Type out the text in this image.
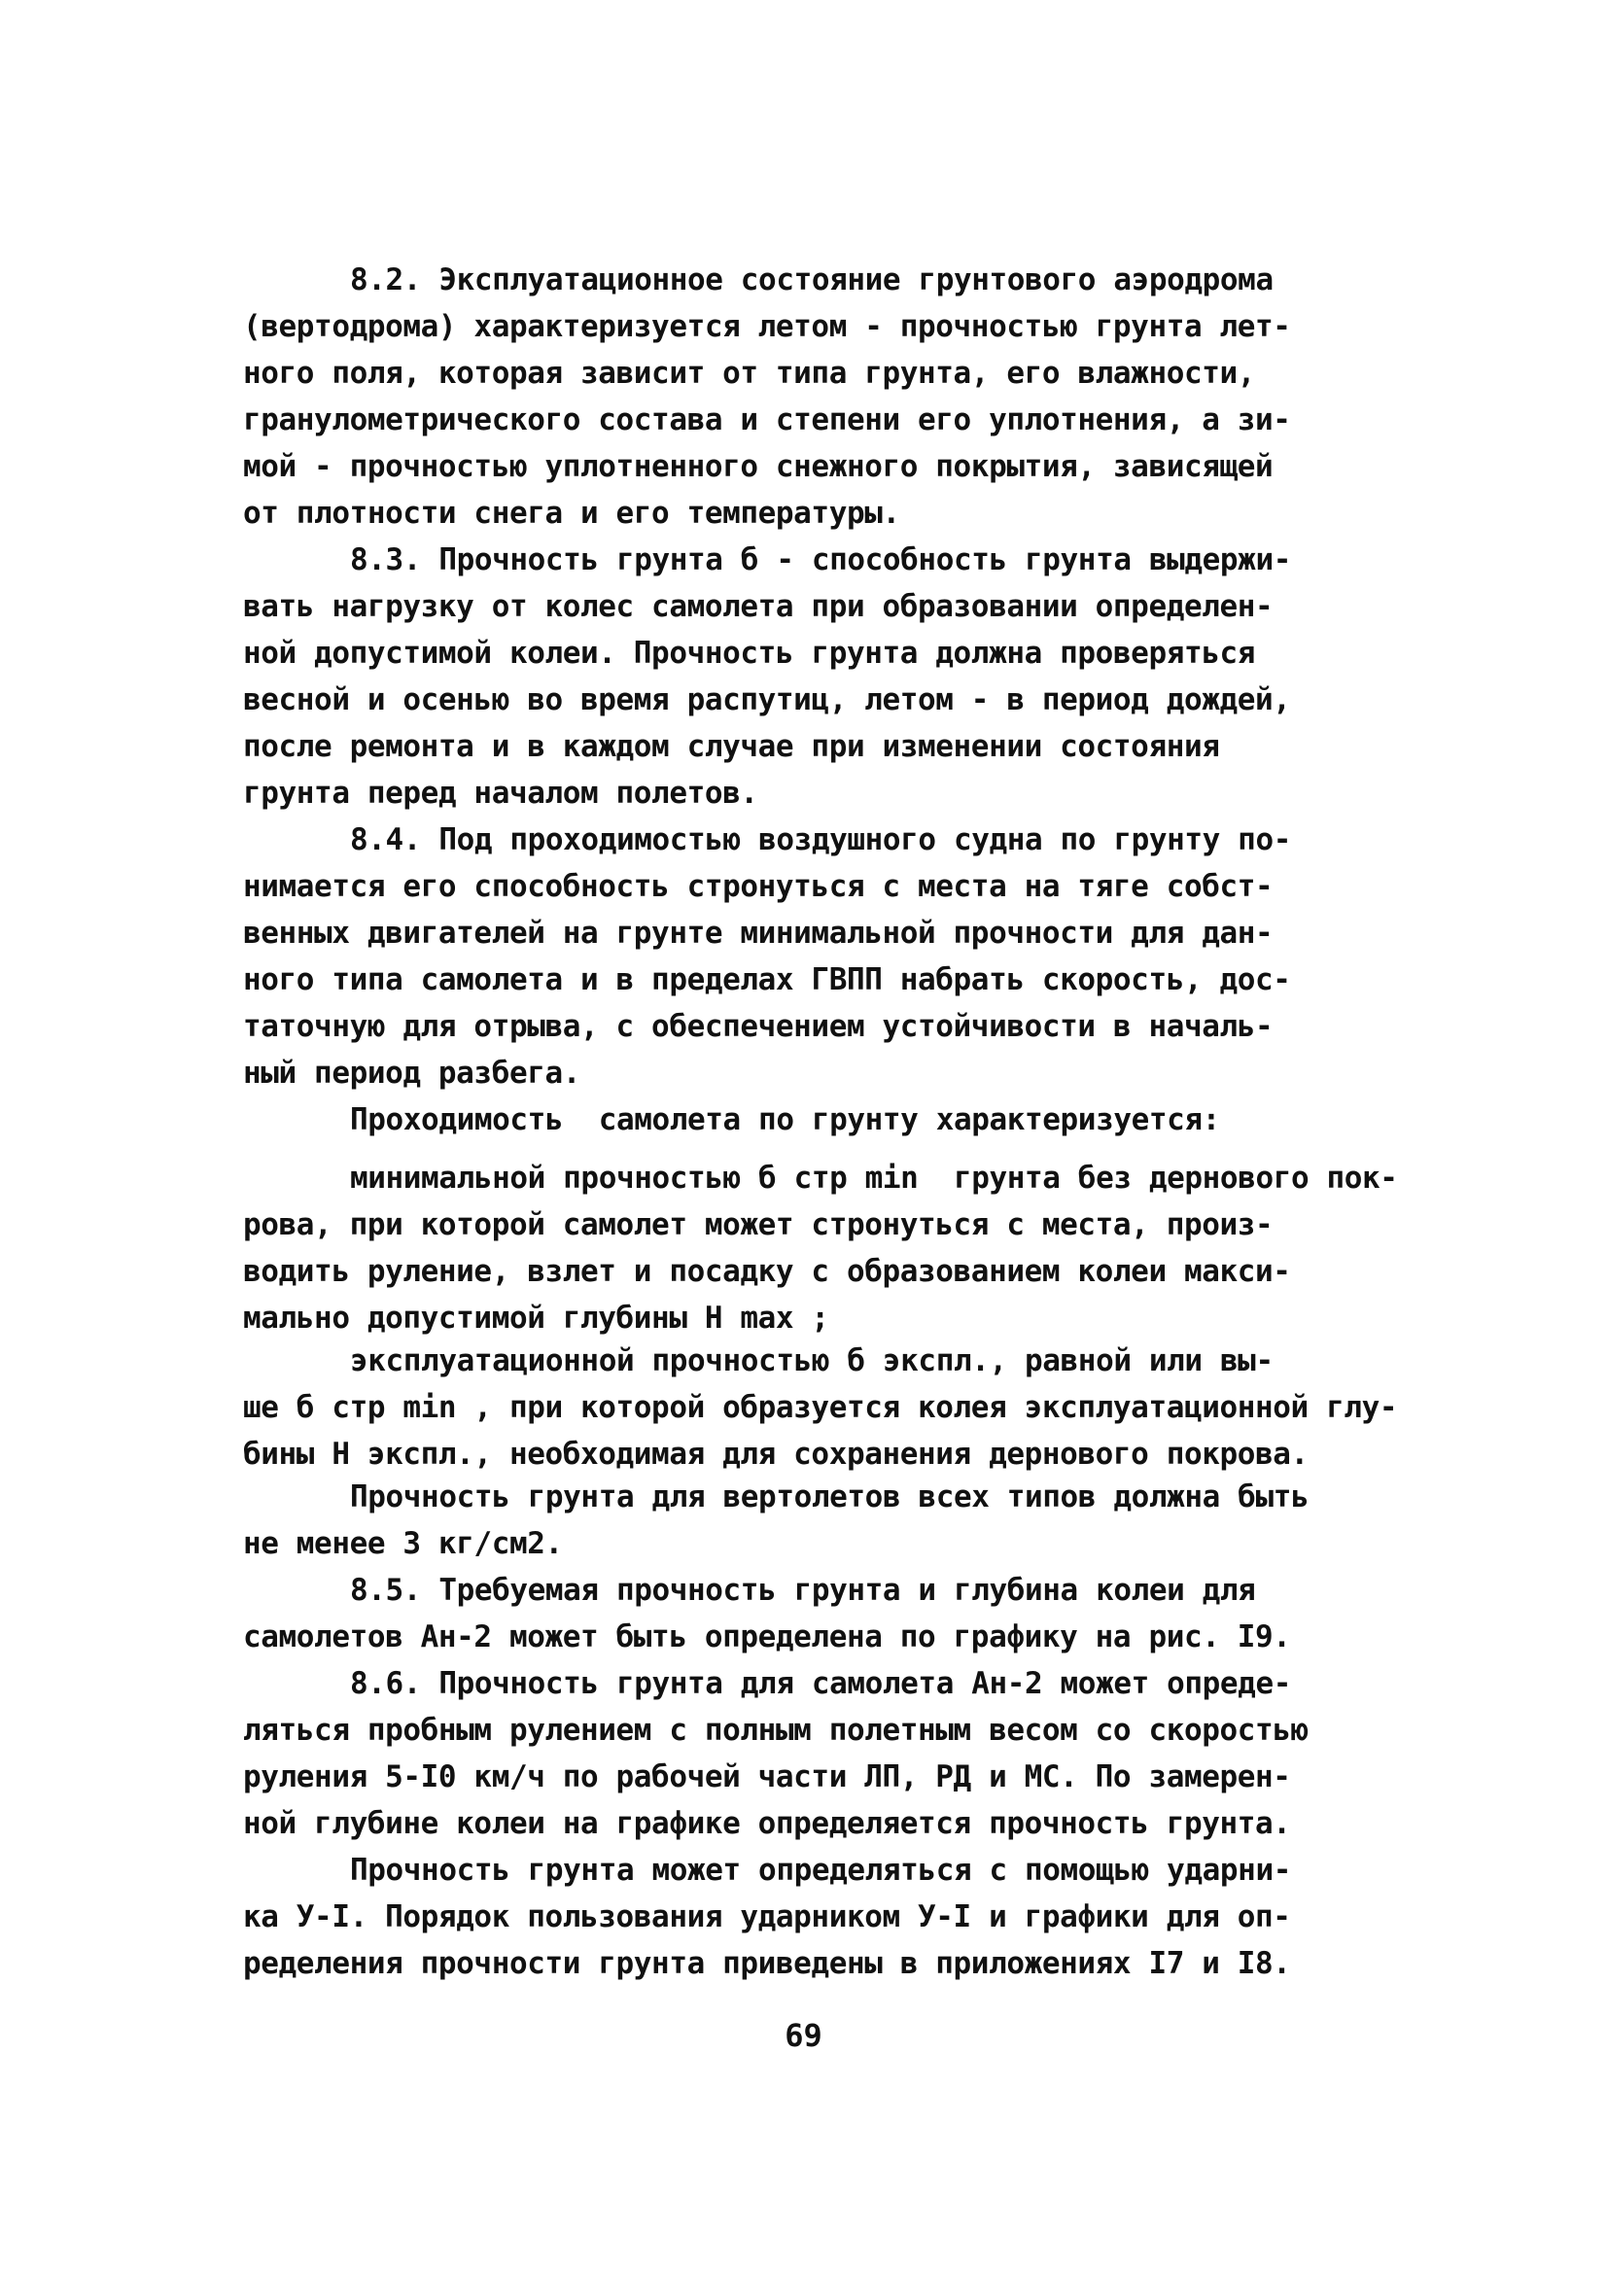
8.2. Эксплуатационное состояние грунтового аэродрома
(вертодрома) характеризуется летом - прочностью грунта лет-
ного поля, которая зависит от типа грунта, его влажности,
гранулометрического состава и степени его уплотнения, а зи-
мой - прочностью уплотненного снежного покрытия, зависящей
от плотности снега и его температуры.
8.3. Прочность грунта б - способность грунта выдержи-
вать нагрузку от колес самолета при образовании определен-
ной допустимой колеи. Прочность грунта должна проверяться
весной и осенью во время распутиц, летом - в период дождей,
после ремонта и в каждом случае при изменении состояния
грунта перед началом полетов.
8.4. Под проходимостью воздушного судна по грунту по-
нимается его способность стронуться с места на тяге собст-
венных двигателей на грунте минимальной прочности для дан-
ного типа самолета и в пределах ГВПП набрать скорость, дос-
таточную для отрыва, с обеспечением устойчивости в началь-
ный период разбега.
Проходимость  самолета по грунту характеризуется:
минимальной прочностью б стр min  грунта без дернового пок-
рова, при которой самолет может стронуться с места, произ-
водить руление, взлет и посадку с образованием колеи макси-
мально допустимой глубины H max ;
эксплуатационной прочностью б экспл., равной или вы-
ше б стр min , при которой образуется колея эксплуатационной глу-
бины H экспл., необходимая для сохранения дернового покрова.
Прочность грунта для вертолетов всех типов должна быть
не менее 3 кг/см2.
8.5. Требуемая прочность грунта и глубина колеи для
самолетов Ан-2 может быть определена по графику на рис. I9.
8.6. Прочность грунта для самолета Ан-2 может опреде-
ляться пробным рулением с полным полетным весом со скоростью
руления 5-I0 км/ч по рабочей части ЛП, РД и МС. По замерен-
ной глубине колеи на графике определяется прочность грунта.
Прочность грунта может определяться с помощью ударни-
ка У-I. Порядок пользования ударником У-I и графики для оп-
ределения прочности грунта приведены в приложениях I7 и I8.
69
